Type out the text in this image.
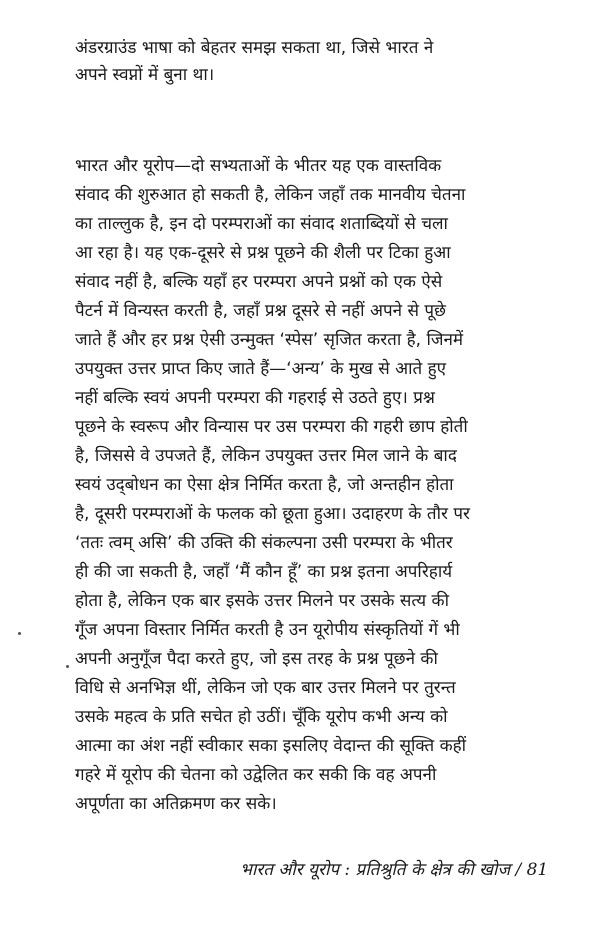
अंडरग्राउंड भाषा को बेहतर समझ सकता था, जिसे भारत ने
अपने स्वप्नों में बुना था।
भारत और यूरोप—दो सभ्यताओं के भीतर यह एक वास्तविक
संवाद की शुरुआत हो सकती है, लेकिन जहाँ तक मानवीय चेतना
का ताल्लुक है, इन दो परम्पराओं का संवाद शताब्दियों से चला
आ रहा है। यह एक-दूसरे से प्रश्न पूछने की शैली पर टिका हुआ
संवाद नहीं है, बल्कि यहाँ हर परम्परा अपने प्रश्नों को एक ऐसे
पैटर्न में विन्यस्त करती है, जहाँ प्रश्न दूसरे से नहीं अपने से पूछे
जाते हैं और हर प्रश्न ऐसी उन्मुक्त ‘स्पेस’ सृजित करता है, जिनमें
उपयुक्त उत्तर प्राप्त किए जाते हैं—‘अन्य’ के मुख से आते हुए
नहीं बल्कि स्वयं अपनी परम्परा की गहराई से उठते हुए। प्रश्न
पूछने के स्वरूप और विन्यास पर उस परम्परा की गहरी छाप होती
है, जिससे वे उपजते हैं, लेकिन उपयुक्त उत्तर मिल जाने के बाद
स्वयं उद्‌बोधन का ऐसा क्षेत्र निर्मित करता है, जो अन्तहीन होता
है, दूसरी परम्पराओं के फलक को छूता हुआ। उदाहरण के तौर पर
‘ततः त्वम् असि’ की उक्ति की संकल्पना उसी परम्परा के भीतर
ही की जा सकती है, जहाँ ‘मैं कौन हूँ’ का प्रश्न इतना अपरिहार्य
होता है, लेकिन एक बार इसके उत्तर मिलने पर उसके सत्य की
गूँज अपना विस्तार निर्मित करती है उन यूरोपीय संस्कृतियों गें भी
अपनी अनुगूँज पैदा करते हुए, जो इस तरह के प्रश्न पूछने की
विधि से अनभिज्ञ थीं, लेकिन जो एक बार उत्तर मिलने पर तुरन्त
उसके महत्व के प्रति सचेत हो उठीं। चूँकि यूरोप कभी अन्य को
आत्मा का अंश नहीं स्वीकार सका इसलिए वेदान्त की सूक्ति कहीं
गहरे में यूरोप की चेतना को उद्वेलित कर सकी कि वह अपनी
अपूर्णता का अतिक्रमण कर सके।
भारत और यूरोप : प्रतिश्रुति के क्षेत्र की खोज / 81
